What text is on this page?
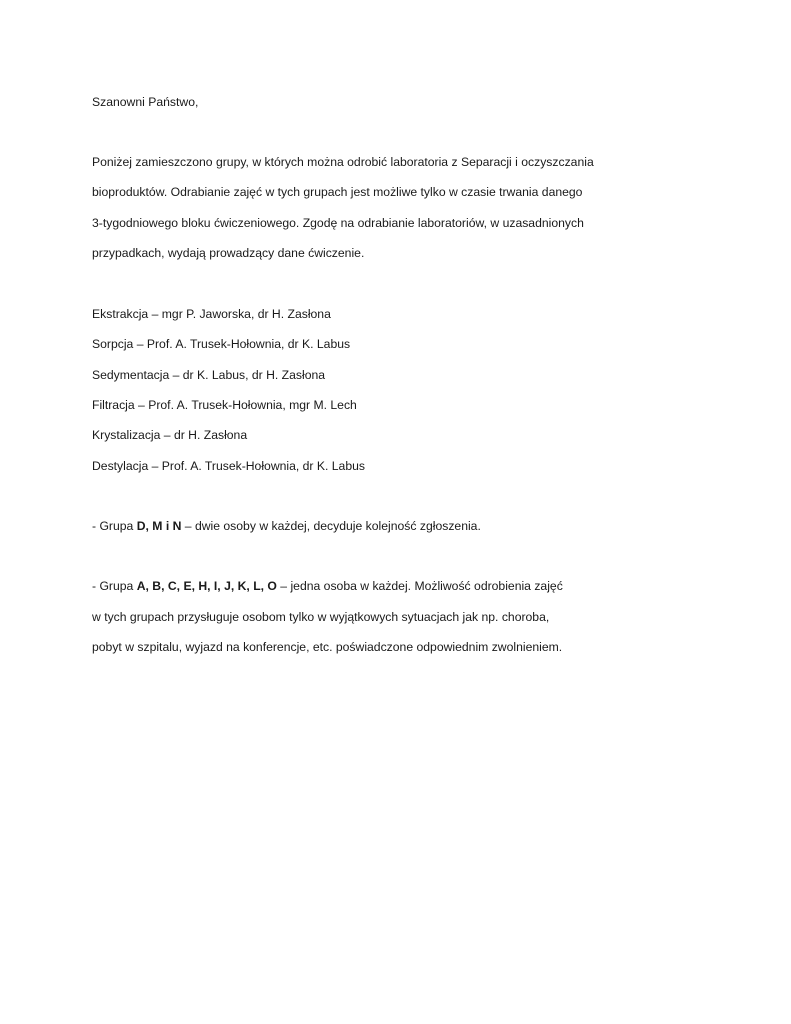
Szanowni Państwo,
Poniżej zamieszczono grupy, w których można odrobić laboratoria z Separacji i oczyszczania
bioproduktów. Odrabianie zajęć w tych grupach jest możliwe tylko w czasie trwania danego
3-tygodniowego bloku ćwiczeniowego. Zgodę na odrabianie laboratoriów, w uzasadnionych
przypadkach, wydają prowadzący dane ćwiczenie.
Ekstrakcja – mgr P. Jaworska, dr H. Zasłona
Sorpcja – Prof. A. Trusek-Hołownia, dr K. Labus
Sedymentacja – dr K. Labus, dr H. Zasłona
Filtracja – Prof. A. Trusek-Hołownia, mgr M. Lech
Krystalizacja – dr H. Zasłona
Destylacja – Prof. A. Trusek-Hołownia, dr K. Labus
- Grupa D, M i N – dwie osoby w każdej, decyduje kolejność zgłoszenia.
- Grupa A, B, C, E, H, I, J, K, L, O – jedna osoba w każdej. Możliwość odrobienia zajęć
w tych grupach przysługuje osobom tylko w wyjątkowych sytuacjach jak np. choroba,
pobyt w szpitalu, wyjazd na konferencje, etc. poświadczone odpowiednim zwolnieniem.
